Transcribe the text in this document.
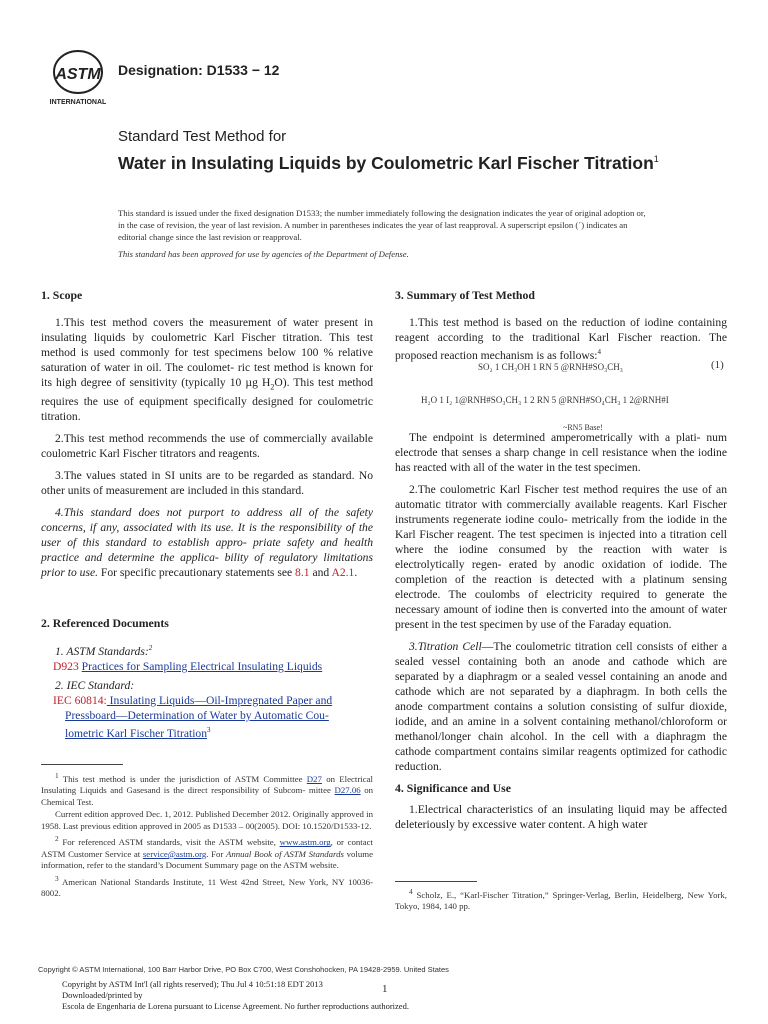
ASTM
INTERNATIONAL
Designation: D1533 − 12
Standard Test Method for
Water in Insulating Liquids by Coulometric Karl Fischer Titration$^1$
This standard is issued under the fixed designation D1533; the number immediately following the designation indicates the year of original adoption or, in the case of revision, the year of last revision. A number in parentheses indicates the year of last reapproval. A superscript epsilon (´) indicates an editorial change since the last revision or reapproval.
This standard has been approved for use by agencies of the Department of Defense.
1. Scope

1.This test method covers the measurement of water present in insulating liquids by coulometric Karl Fischer titration. This test method is used commonly for test specimens below 100 % relative saturation of water in oil. The coulomet- ric test method is known for its high degree of sensitivity (typically 10 µg $H_2O$). This test method requires the use of equipment specifically designed for coulometric titration.

2.This test method recommends the use of commercially available coulometric Karl Fischer titrators and reagents.

3.The values stated in SI units are to be regarded as standard. No other units of measurement are included in this standard.

4.This standard does not purport to address all of the safety concerns, if any, associated with its use. It is the responsibility of the user of this standard to establish appro- priate safety and health practice and determine the applica- bility of regulatory limitations prior to use. For specific precautionary statements see 8.1 and A2.1.

2. Referenced Documents
1. ASTM Standards:$^2$
D923 Practices for Sampling Electrical Insulating Liquids
2. IEC Standard:
IEC 60814: Insulating Liquids—Oil-Impregnated Paper and
Pressboard—Determination of Water by Automatic Cou-
lometric Karl Fischer Titration$^3$

$^1$ This test method is under the jurisdiction of ASTM Committee D27 on Electrical Insulating Liquids and Gasesand is the direct responsibility of Subcom- mittee D27.06 on Chemical Test.

Current edition approved Dec. 1, 2012. Published December 2012. Originally approved in 1958. Last previous edition approved in 2005 as D1533 – 00(2005). DOI: 10.1520/D1533-12.

$^2$ For referenced ASTM standards, visit the ASTM website, www.astm.org, or contact ASTM Customer Service at service@astm.org. For Annual Book of ASTM Standards volume information, refer to the standard’s Document Summary page on the ASTM website.

$^3$ American National Standards Institute, 11 West 42nd Street, New York, NY 10036-8002.

3. Summary of Test Method

1.This test method is based on the reduction of iodine containing reagent according to the traditional Karl Fischer reaction. The proposed reaction mechanism is as follows:$^4$

SO₂ 1 CH₃OH 1 RN 5 @RNH#SO₃CH₃	(1)
H₂O 1 I₂ 1@RNH#SO₃CH₃ 1 2 RN 5 @RNH#SO₄CH₃ 1 2@RNH#I
~RN5 Base!

The endpoint is determined amperometrically with a plati- num electrode that senses a sharp change in cell resistance when the iodine has reacted with all of the water in the test specimen.

2.The coulometric Karl Fischer test method requires the use of an automatic titrator with commercially available reagents. Karl Fischer instruments regenerate iodine coulo- metrically from the iodide in the Karl Fischer reagent. The test specimen is injected into a titration cell where the iodine consumed by the reaction with water is electrolytically regen- erated by anodic oxidation of iodide. The completion of the reaction is detected with a platinum sensing electrode. The coulombs of electricity required to generate the necessary amount of iodine then is converted into the amount of water present in the test specimen by use of the Faraday equation.

3.Titration Cell—The coulometric titration cell consists of either a sealed vessel containing both an anode and cathode which are separated by a diaphragm or a sealed vessel containing an anode and cathode which are not separated by a diaphragm. In both cells the anode compartment contains a solution consisting of sulfur dioxide, iodide, and an amine in a solvent containing methanol/chloroform or methanol/longer chain alcohol. In the cell with a diaphragm the cathode compartment contains similar reagents optimized for cathodic reduction.

4. Significance and Use

1.Electrical characteristics of an insulating liquid may be affected deleteriously by excessive water content. A high water

$^4$ Scholz, E., “Karl-Fischer Titration,” Springer-Verlag, Berlin, Heidelberg, New York, Tokyo, 1984, 140 pp.

Copyright © ASTM International, 100 Barr Harbor Drive, PO Box C700, West Conshohocken, PA 19428-2959. United States
Copyright by ASTM Int'l (all rights reserved); Thu Jul 4 10:51:18 EDT 2013
Downloaded/printed by
Escola de Engenharia de Lorena pursuant to License Agreement. No further reproductions authorized.
1
